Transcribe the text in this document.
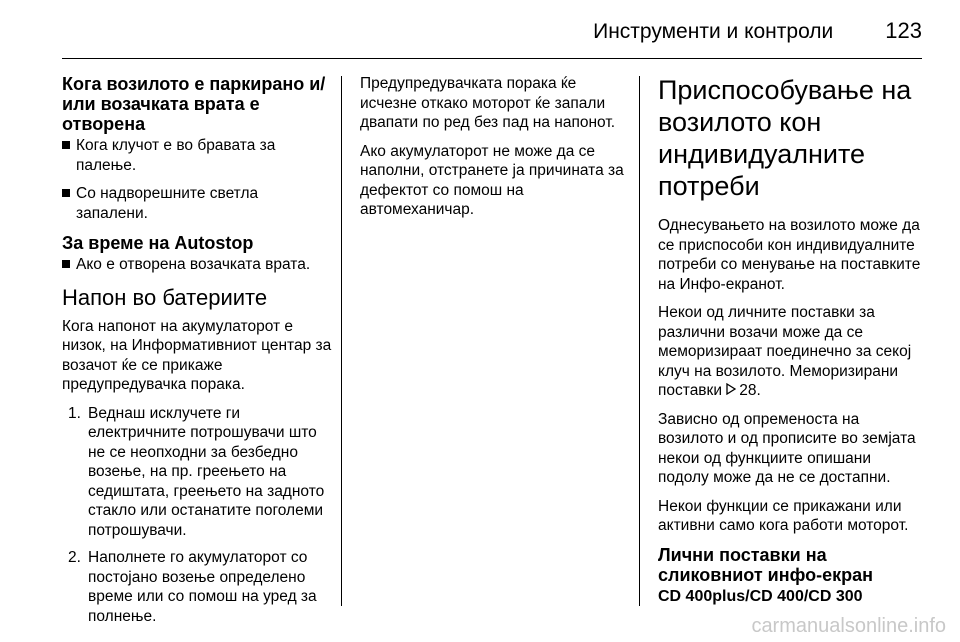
Инструменти и контроли 123
Кога возилото е паркирано и/или возачката врата е отворена
Кога клучот е во бравата за палење.
Со надворешните светла запалени.
За време на Autostop
Ако е отворена возачката врата.
Напон во батериите

Кога напонот на акумулаторот е низок, на Информативниот центар за возачот ќе се прикаже предупредувачка порака.

1. Веднаш исклучете ги електричните потрошувачи што не се неопходни за безбедно возење, на пр. греењето на седиштата, греењето на задното стакло или останатите поголеми потрошувачи.
2. Наполнете го акумулаторот со постојано возење определено време или со помош на уред за полнење.

Предупредувачката порака ќе исчезне откако моторот ќе запали двапати по ред без пад на напонот.

Ако акумулаторот не може да се наполни, отстранете ја причината за дефектот со помош на автомеханичар.

Приспособување на возилото кон индивидуалните потреби

Однесувањето на возилото може да се приспособи кон индивидуалните потреби со менување на поставките на Инфо-екранот.

Некои од личните поставки за различни возачи може да се меморизираат поединечно за секој клуч на возилото. Меморизирани поставки 28.

Зависно од опременоста на возилото и од прописите во земјата некои од функциите опишани подолу може да не се достапни.

Некои функции се прикажани или активни само кога работи моторот.

Лични поставки на сликовниот инфо-екран
CD 400plus/CD 400/CD 300
carmanualsonline.info
